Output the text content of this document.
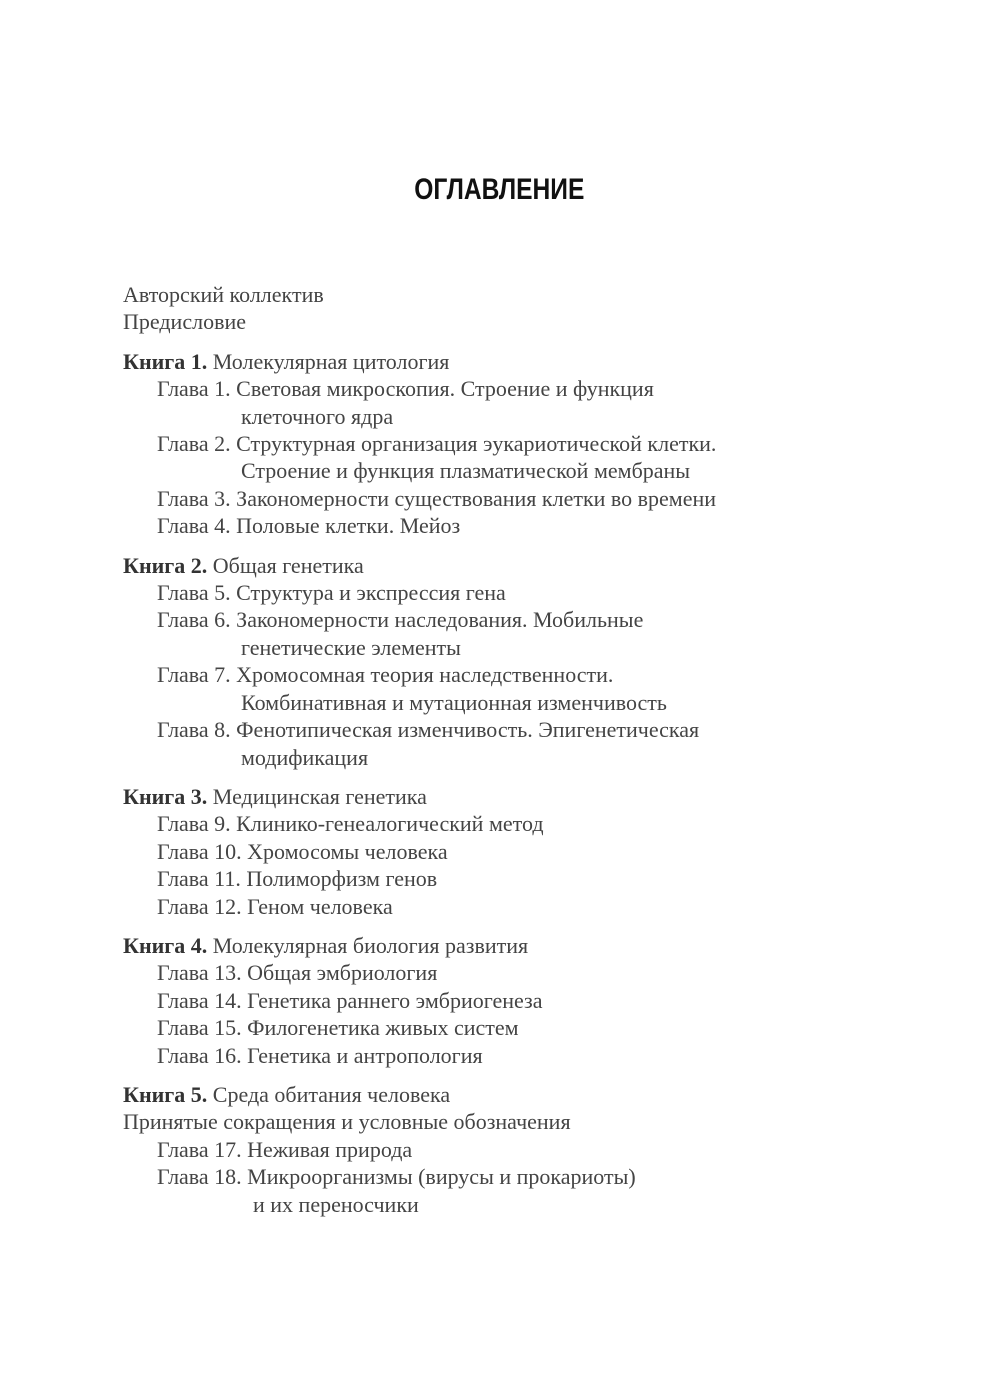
ОГЛАВЛЕНИЕ
Авторский коллектив
Предисловие
Книга 1. Молекулярная цитология
Глава 1. Световая микроскопия. Строение и функция
клеточного ядра
Глава 2. Структурная организация эукариотической клетки.
Строение и функция плазматической мембраны
Глава 3. Закономерности существования клетки во времени
Глава 4. Половые клетки. Мейоз
Книга 2. Общая генетика
Глава 5. Структура и экспрессия гена
Глава 6. Закономерности наследования. Мобильные
генетические элементы
Глава 7. Хромосомная теория наследственности.
Комбинативная и мутационная изменчивость
Глава 8. Фенотипическая изменчивость. Эпигенетическая
модификация
Книга 3. Медицинская генетика
Глава 9. Клинико-генеалогический метод
Глава 10. Хромосомы человека
Глава 11. Полиморфизм генов
Глава 12. Геном человека
Книга 4. Молекулярная биология развития
Глава 13. Общая эмбриология
Глава 14. Генетика раннего эмбриогенеза
Глава 15. Филогенетика живых систем
Глава 16. Генетика и антропология
Книга 5. Среда обитания человека
Принятые сокращения и условные обозначения
Глава 17. Неживая природа
Глава 18. Микроорганизмы (вирусы и прокариоты)
и их переносчики
